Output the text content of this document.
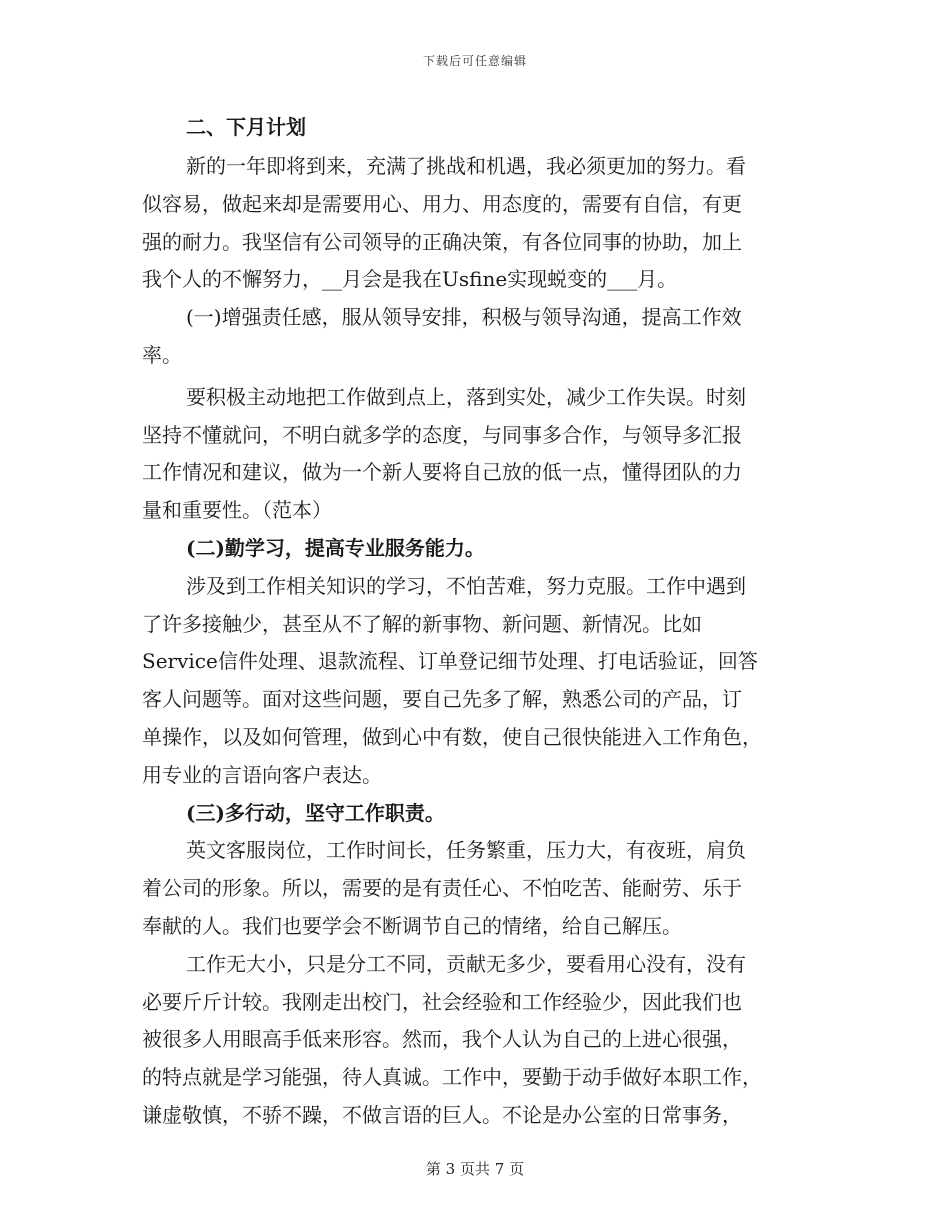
下载后可任意编辑
二、下月计划
新的一年即将到来，充满了挑战和机遇，我必须更加的努力。看
似容易，做起来却是需要用心、用力、用态度的，需要有自信，有更
强的耐力。我坚信有公司领导的正确决策，有各位同事的协助，加上
我个人的不懈努力，__月会是我在Usfine实现蜕变的___月。
(一)增强责任感，服从领导安排，积极与领导沟通，提高工作效
率。
要积极主动地把工作做到点上，落到实处，减少工作失误。时刻
坚持不懂就问，不明白就多学的态度，与同事多合作，与领导多汇报
工作情况和建议，做为一个新人要将自己放的低一点，懂得团队的力
量和重要性。（范本）
(二)勤学习，提高专业服务能力。
涉及到工作相关知识的学习，不怕苦难，努力克服。工作中遇到
了许多接触少，甚至从不了解的新事物、新问题、新情况。比如
Service信件处理、退款流程、订单登记细节处理、打电话验证，回答
客人问题等。面对这些问题，要自己先多了解，熟悉公司的产品，订
单操作，以及如何管理，做到心中有数，使自己很快能进入工作角色，
用专业的言语向客户表达。
(三)多行动，坚守工作职责。
英文客服岗位，工作时间长，任务繁重，压力大，有夜班，肩负
着公司的形象。所以，需要的是有责任心、不怕吃苦、能耐劳、乐于
奉献的人。我们也要学会不断调节自己的情绪，给自己解压。
工作无大小，只是分工不同，贡献无多少，要看用心没有，没有
必要斤斤计较。我刚走出校门，社会经验和工作经验少，因此我们也
被很多人用眼高手低来形容。然而，我个人认为自己的上进心很强，
的特点就是学习能强，待人真诚。工作中，要勤于动手做好本职工作，
谦虚敬慎，不骄不躁，不做言语的巨人。不论是办公室的日常事务，
第 3 页共 7 页
